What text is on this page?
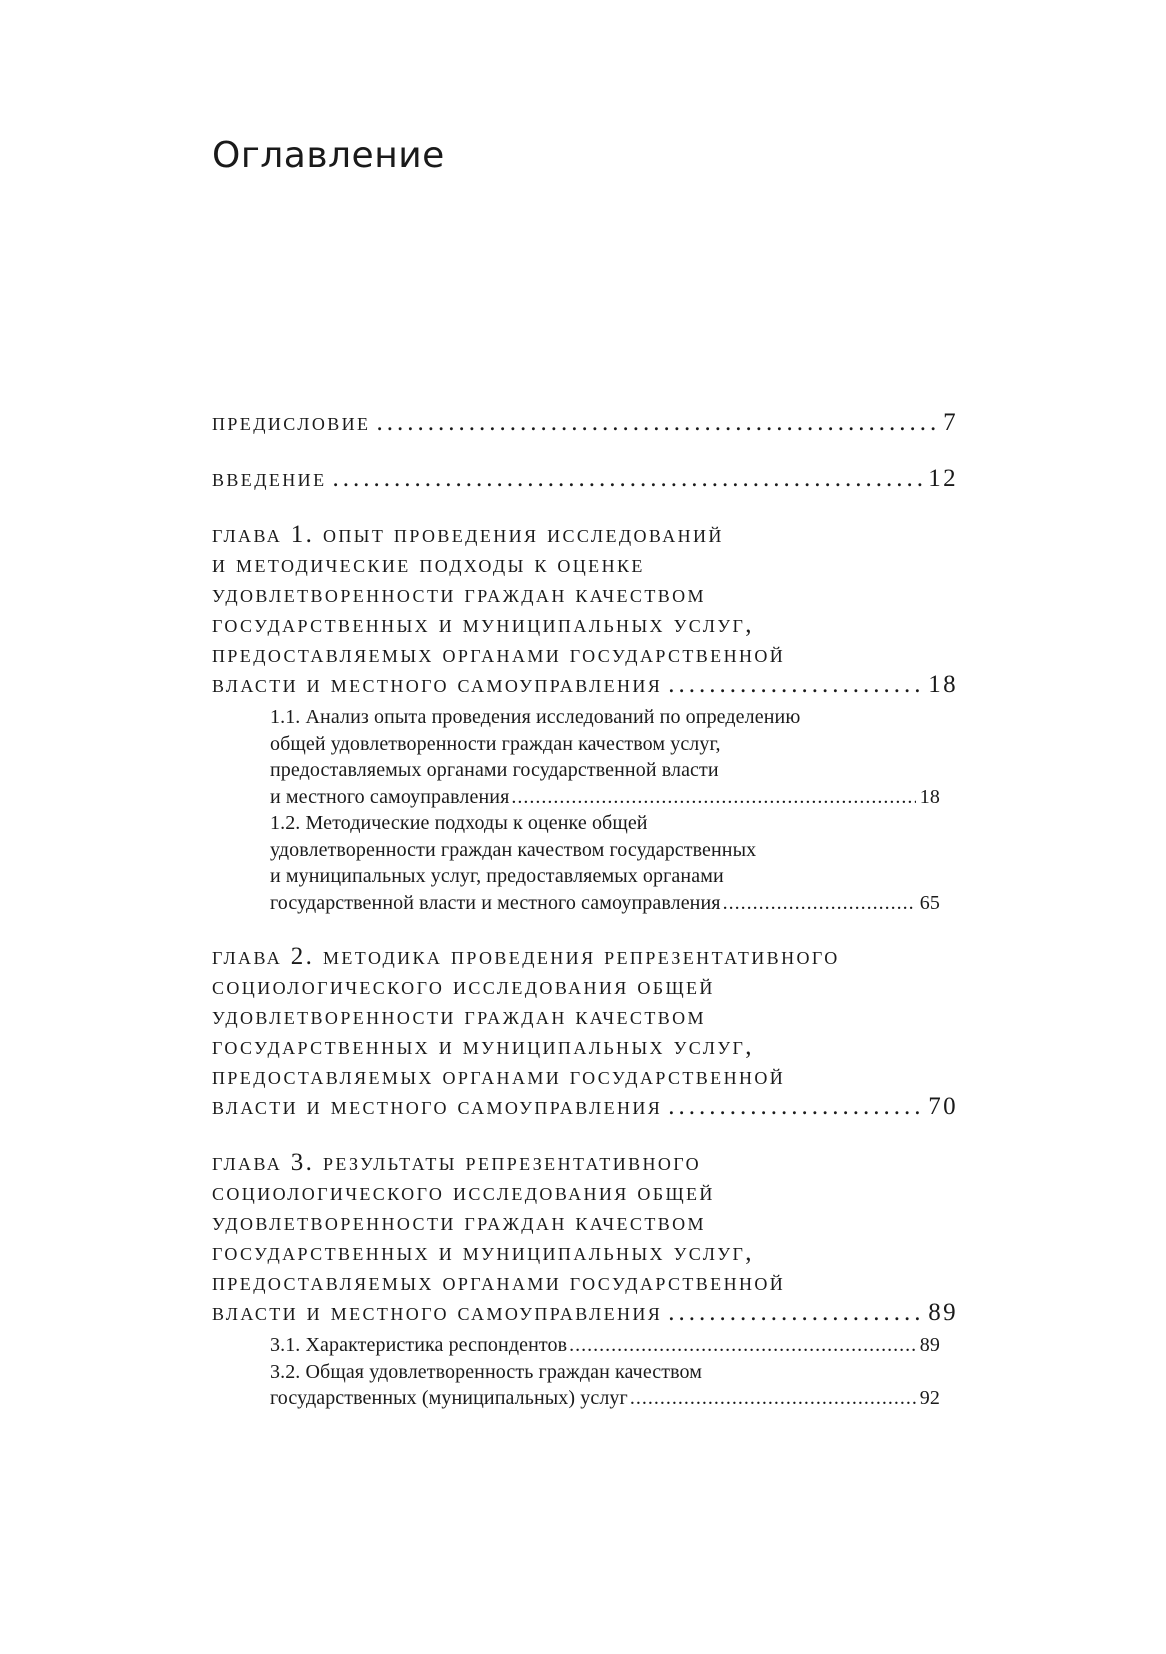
Оглавление
предисловие .....	7
введение .....	12
глава 1. опыт проведения исследований
и методические подходы к оценке
удовлетворенности граждан качеством
государственных и муниципальных услуг,
предоставляемых органами государственной
власти и местного самоуправления .....	18
1.1. Анализ опыта проведения исследований по определению
общей удовлетворенности граждан качеством услуг,
предоставляемых органами государственной власти
и местного самоуправления .....	18
1.2. Методические подходы к оценке общей
удовлетворенности граждан качеством государственных
и муниципальных услуг, предоставляемых органами
государственной власти и местного самоуправления .....	65
глава 2. методика проведения репрезентативного
социологического исследования общей
удовлетворенности граждан качеством
государственных и муниципальных услуг,
предоставляемых органами государственной
власти и местного самоуправления .....	70
глава 3. результаты репрезентативного
социологического исследования общей
удовлетворенности граждан качеством
государственных и муниципальных услуг,
предоставляемых органами государственной
власти и местного самоуправления .....	89
3.1. Характеристика респондентов .....	89
3.2. Общая удовлетворенность граждан качеством
государственных (муниципальных) услуг .....	92
